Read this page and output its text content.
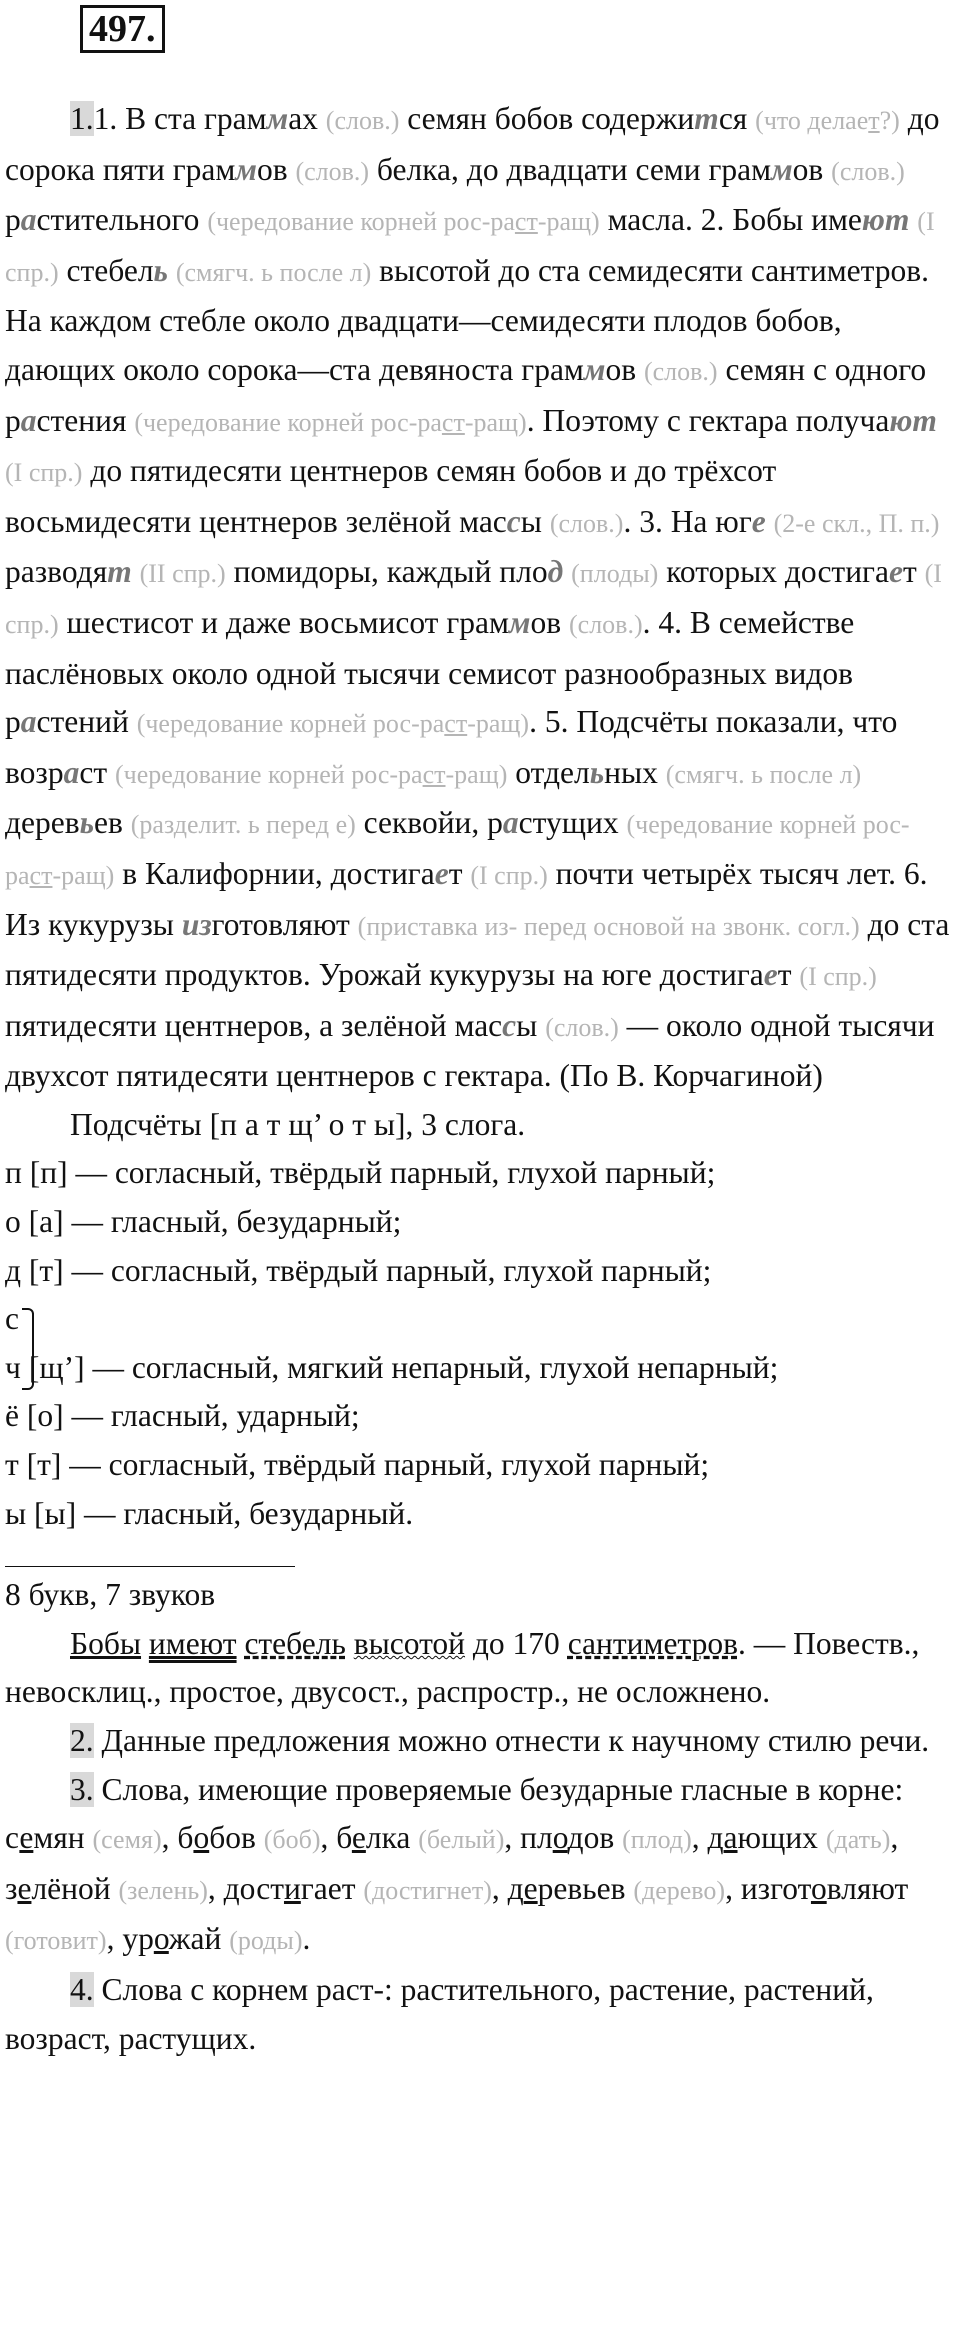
497.

1.1. В ста граммах (слов.) семян бобов содержится (что делает?) до сорока пяти граммов (слов.) белка, до двадцати семи граммов (слов.) растительного (чередование корней рос-раст-ращ) масла. 2. Бобы имеют (I спр.) стебель (смягч. ь после л) высотой до ста семидесяти сантиметров. На каждом стебле около двадцати—семидесяти плодов бобов, дающих около сорока—ста девяноста граммов (слов.) семян с одного растения (чередование корней рос-раст-ращ). Поэтому с гектара получают (I спр.) до пятидесяти центнеров семян бобов и до трёхсот восьмидесяти центнеров зелёной массы (слов.). 3. На юге (2-е скл., П. п.) разводят (II спр.) помидоры, каждый плод (плоды) которых достигает (I спр.) шестисот и даже восьмисот граммов (слов.). 4. В семействе паслёновых около одной тысячи семисот разнообразных видов растений (чередование корней рос-раст-ращ). 5. Подсчёты показали, что возраст (чередование корней рос-раст-ращ) отдельных (смягч. ь после л) деревьев (разделит. ь перед е) секвойи, растущих (чередование корней рос-раст-ращ) в Калифорнии, достигает (I спр.) почти четырёх тысяч лет. 6. Из кукурузы изготовляют (приставка из- перед основой на звонк. согл.) до ста пятидесяти продуктов. Урожай кукурузы на юге достигает (I спр.) пятидесяти центнеров, а зелёной массы (слов.) — около одной тысячи двухсот пятидесяти центнеров с гектара. (По В. Корчагиной)

Подсчёты [п а т щ’ о т ы], 3 слога.

п [п] — согласный, твёрдый парный, глухой парный;

о [а] — гласный, безударный;

д [т] — согласный, твёрдый парный, глухой парный;

с

ч [щ’] — согласный, мягкий непарный, глухой непарный;

ё [о] — гласный, ударный;

т [т] — согласный, твёрдый парный, глухой парный;

ы [ы] — гласный, безударный.

8 букв, 7 звуков

Бобы имеют стебель высотой до 170 сантиметров. — Повеств., невосклиц., простое, двусост., распростр., не осложнено.

2. Данные предложения можно отнести к научному стилю речи.

3. Слова, имеющие проверяемые безударные гласные в корне: семян (семя), бобов (боб), белка (белый), плодов (плод), дающих (дать), зелёной (зелень), достигает (достигнет), деревьев (дерево), изготовляют (готовит), урожай (роды).

4. Слова с корнем раст-: растительного, растение, растений, возраст, растущих.
